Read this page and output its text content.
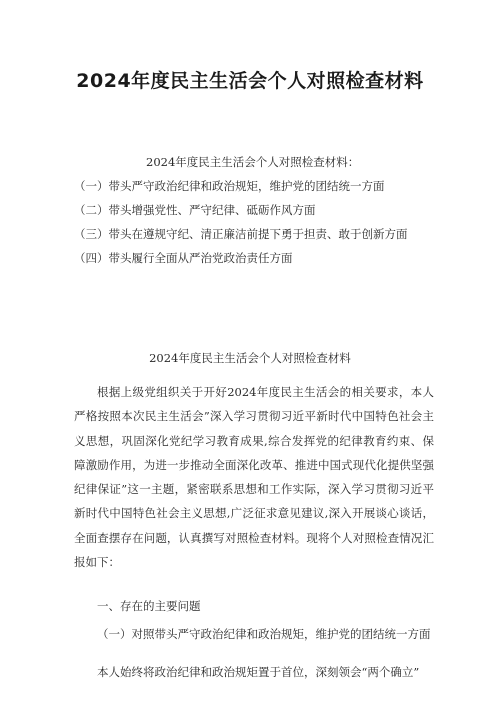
2024年度民主生活会个人对照检查材料
2024年度民主生活会个人对照检查材料：
（一）带头严守政治纪律和政治规矩，维护党的团结统一方面
（二）带头增强党性、严守纪律、砥砺作风方面
（三）带头在遵规守纪、清正廉洁前提下勇于担责、敢于创新方面
（四）带头履行全面从严治党政治责任方面
2024年度民主生活会个人对照检查材料

根据上级党组织关于开好2024年度民主生活会的相关要求，本人严格按照本次民主生活会”深入学习贯彻习近平新时代中国特色社会主义思想，巩固深化党纪学习教育成果,综合发挥党的纪律教育约束、保障激励作用，为进一步推动全面深化改革、推进中国式现代化提供坚强纪律保证”这一主题，紧密联系思想和工作实际，深入学习贯彻习近平新时代中国特色社会主义思想,广泛征求意见建议,深入开展谈心谈话，全面查摆存在问题，认真撰写对照检查材料。现将个人对照检查情况汇报如下：

一、存在的主要问题
（一）对照带头严守政治纪律和政治规矩，维护党的团结统一方面
本人始终将政治纪律和政治规矩置于首位，深刻领会“两个确立”
